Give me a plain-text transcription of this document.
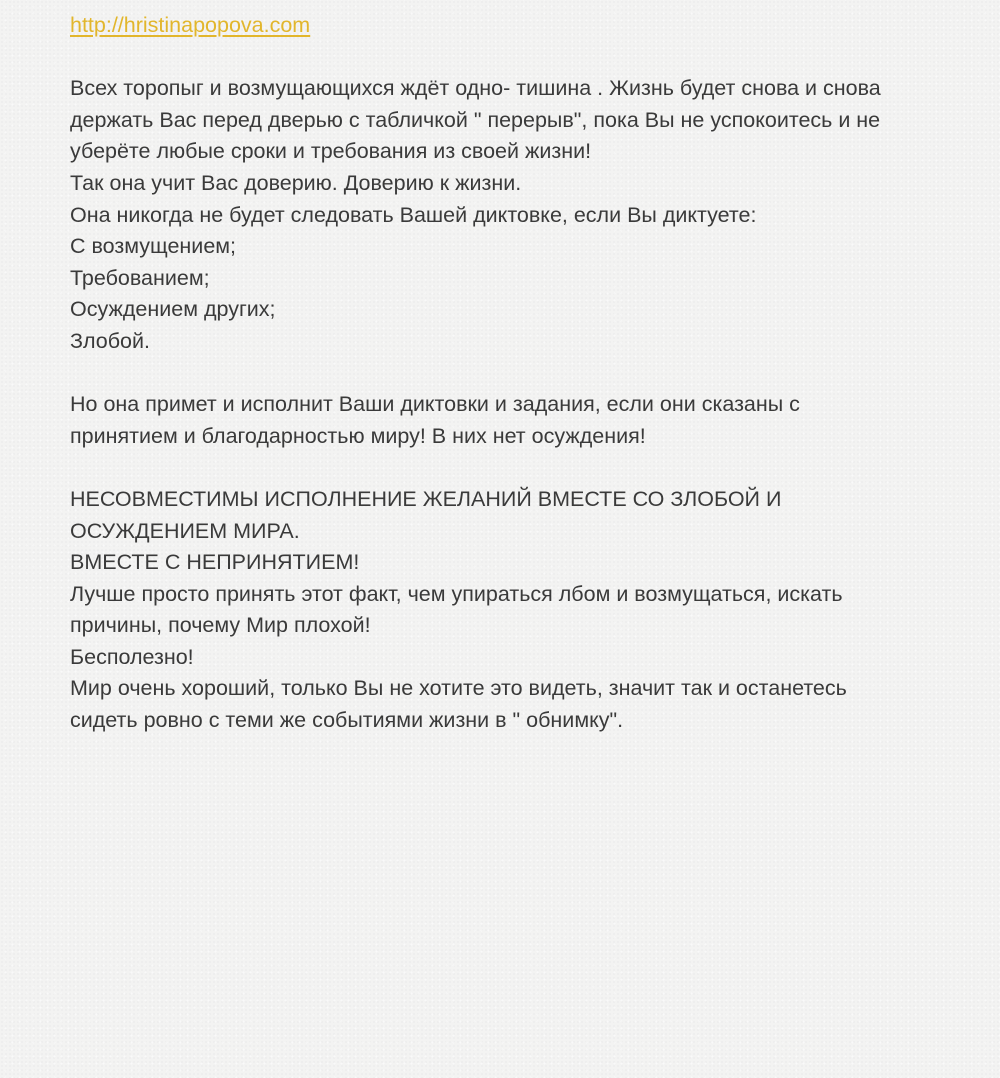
http://hristinapopova.com
Всех торопыг и возмущающихся ждёт одно- тишина . Жизнь будет снова и снова
держать Вас перед дверью с табличкой " перерыв", пока Вы не успокоитесь и не
уберёте любые сроки и требования из своей жизни!
Так она учит Вас доверию. Доверию к жизни.
Она никогда не будет следовать Вашей диктовке, если Вы диктуете:
С возмущением;
Требованием;
Осуждением других;
Злобой.
Но она примет и исполнит Ваши диктовки и задания, если они сказаны с
принятием и благодарностью миру! В них нет осуждения!
НЕСОВМЕСТИМЫ ИСПОЛНЕНИЕ ЖЕЛАНИЙ ВМЕСТЕ СО ЗЛОБОЙ И
ОСУЖДЕНИЕМ МИРА.
ВМЕСТЕ С НЕПРИНЯТИЕМ!
Лучше просто принять этот факт, чем упираться лбом и возмущаться, искать
причины, почему Мир плохой!
Бесполезно!
Мир очень хороший, только Вы не хотите это видеть, значит так и останетесь
сидеть ровно с теми же событиями жизни в " обнимку".
